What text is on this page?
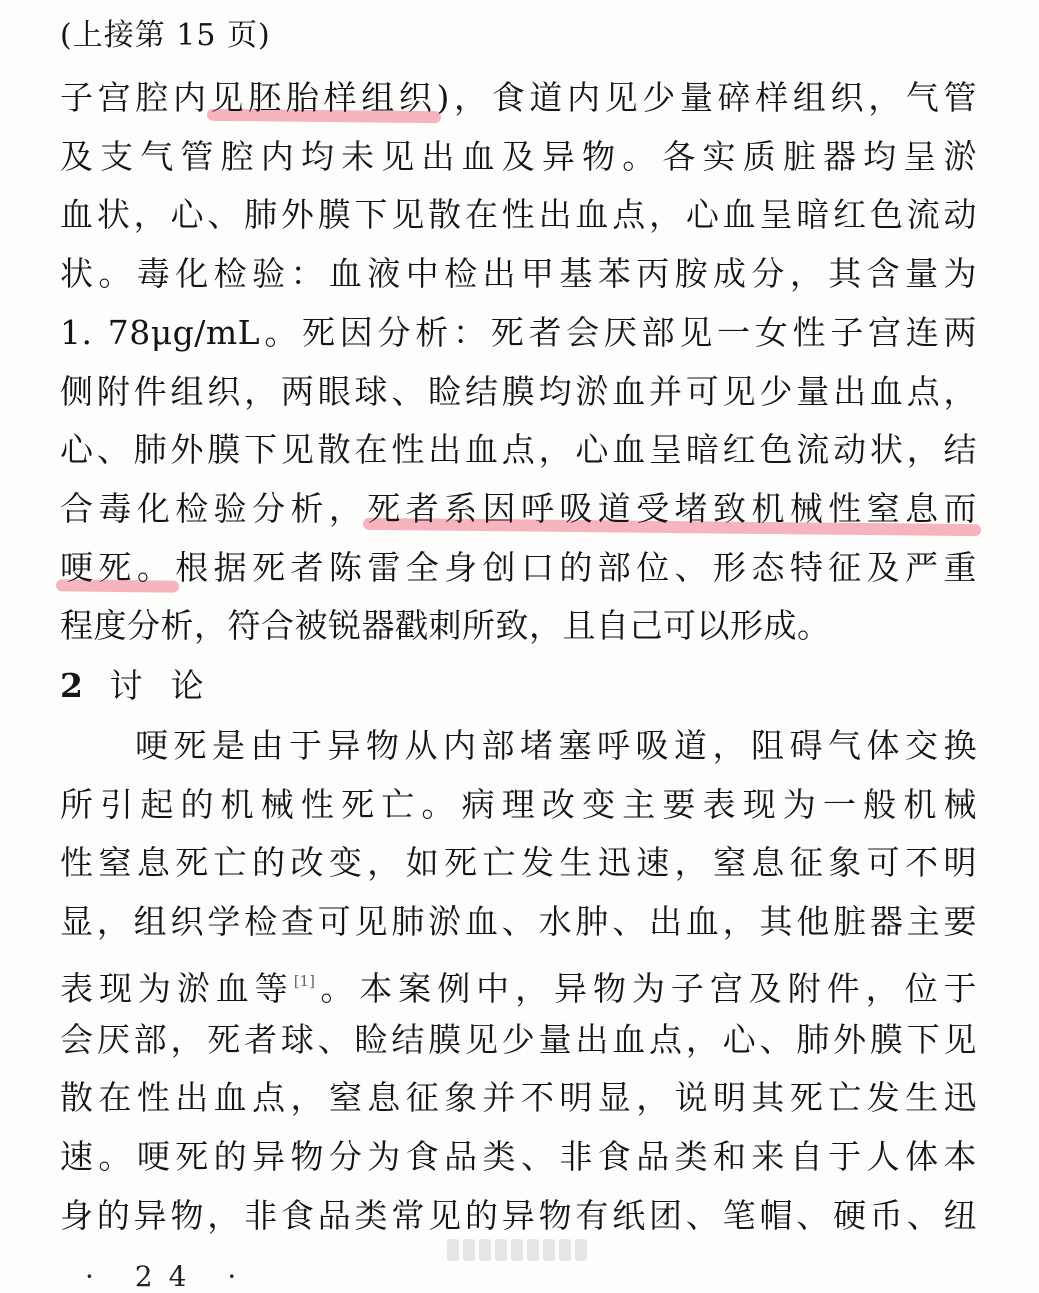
(上接第 15 页)
子宫腔内见胚胎样组织)，食道内见少量碎样组织，气管
及支气管腔内均未见出血及异物。各实质脏器均呈淤
血状，心、肺外膜下见散在性出血点，心血呈暗红色流动
状。毒化检验：血液中检出甲基苯丙胺成分，其含量为
1. 78μg/mL。死因分析：死者会厌部见一女性子宫连两
侧附件组织，两眼球、睑结膜均淤血并可见少量出血点，
心、肺外膜下见散在性出血点，心血呈暗红色流动状，结
合毒化检验分析，死者系因呼吸道受堵致机械性窒息而
哽死。根据死者陈雷全身创口的部位、形态特征及严重
程度分析，符合被锐器戳刺所致，且自己可以形成。
2 讨论
哽死是由于异物从内部堵塞呼吸道，阻碍气体交换
所引起的机械性死亡。病理改变主要表现为一般机械
性窒息死亡的改变，如死亡发生迅速，窒息征象可不明
显，组织学检查可见肺淤血、水肿、出血，其他脏器主要
表现为淤血等[1]。本案例中，异物为子宫及附件，位于
会厌部，死者球、睑结膜见少量出血点，心、肺外膜下见
散在性出血点，窒息征象并不明显，说明其死亡发生迅
速。哽死的异物分为食品类、非食品类和来自于人体本
身的异物，非食品类常见的异物有纸团、笔帽、硬币、纽
· 24 ·
